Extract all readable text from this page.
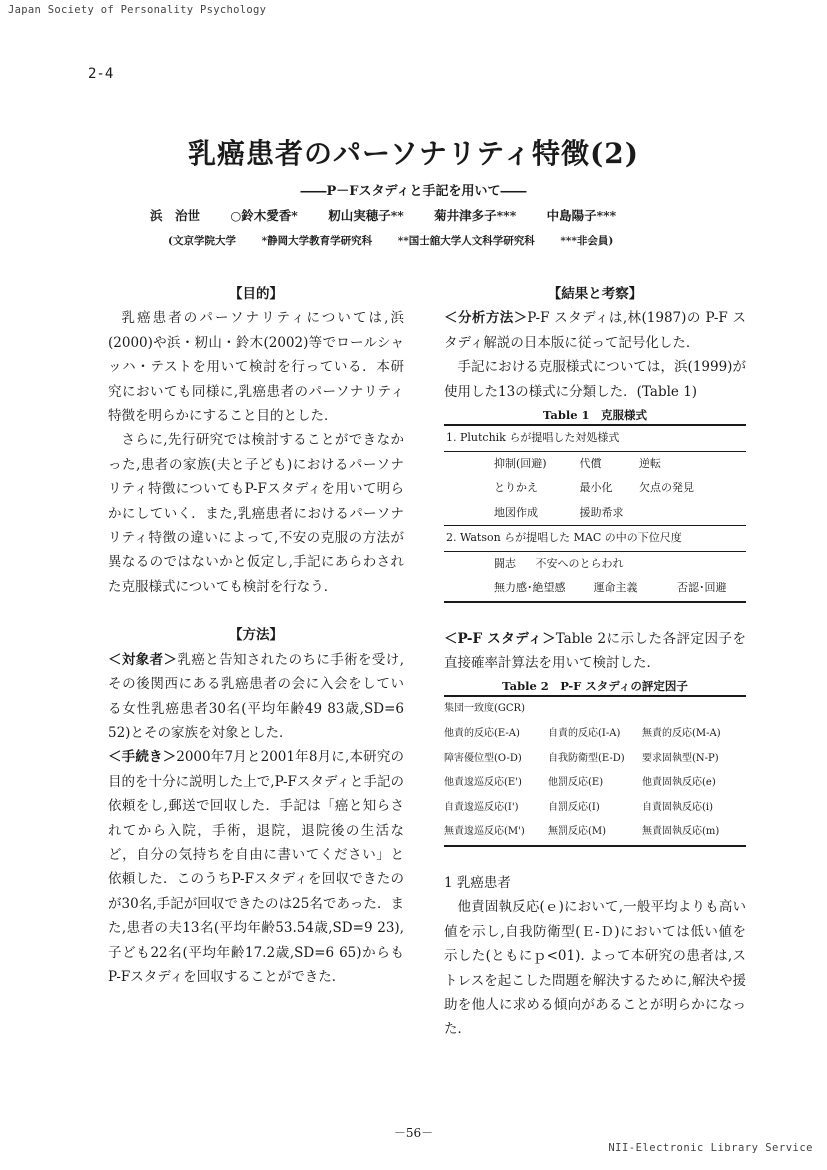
Japan Society of Personality Psychology
2-4
乳癌患者のパーソナリティ特徴(2)
――P－Fスタディと手記を用いて――
浜　治世 ○鈴木愛香* 籾山実穂子** 菊井津多子*** 中島陽子***
(文京学院大学 *静岡大学教育学研究科 **国士舘大学人文科学研究科 ***非会員)

【目的】

乳癌患者のパーソナリティについては,浜(2000)や浜・籾山・鈴木(2002)等でロールシャッハ・テストを用いて検討を行っている．本研究においても同様に,乳癌患者のパーソナリティ特徴を明らかにすること目的とした．

さらに,先行研究では検討することができなかった,患者の家族(夫と子ども)におけるパーソナリティ特徴についてもP-Fスタディを用いて明らかにしていく．また,乳癌患者におけるパーソナリティ特徴の違いによって,不安の克服の方法が異なるのではないかと仮定し,手記にあらわされた克服様式についても検討を行なう．

【方法】

＜対象者＞乳癌と告知されたのちに手術を受け,その後関西にある乳癌患者の会に入会をしている女性乳癌患者30名(平均年齢49 83歳,SD=6 52)とその家族を対象とした．

＜手続き＞2000年7月と2001年8月に,本研究の目的を十分に説明した上で,P-Fスタディと手記の依頼をし,郵送で回収した．手記は「癌と知らされてから入院，手術，退院，退院後の生活など，自分の気持ちを自由に書いてください」と依頼した．このうちP-Fスタディを回収できたのが30名,手記が回収できたのは25名であった．また,患者の夫13名(平均年齢53.54歳,SD=9 23),子ども22名(平均年齢17.2歳,SD=6 65)からもP-Fスタディを回収することができた．

【結果と考察】

＜分析方法＞P-F スタディは,林(1987)の P-F スタディ解説の日本版に従って記号化した．

手記における克服様式については，浜(1999)が使用した13の様式に分類した．(Table 1)

Table 1　克服様式
1. Plutchik らが提唱した対処様式
抑制(回避)	代償	逆転
とりかえ	最小化 欠点の発見
地図作成	援助希求
2. Watson らが提唱した MAC の中の下位尺度
闘志 不安へのとらわれ
無力感･絶望感	運命主義	否認･回避

＜P-F スタディ＞Table 2に示した各評定因子を直接確率計算法を用いて検討した．

Table 2　P-F スタディの評定因子
集団一致度(GCR)
他責的反応(E-A)	自責的反応(I-A) 無責的反応(M-A)
障害優位型(O-D)	自我防衛型(E-D) 要求固執型(N-P)
他責逡巡反応(E')	他罰反応(E)	他責固執反応(e)
自責逡巡反応(I')	自罰反応(I)	自責固執反応(i)
無責逡巡反応(M') 無罰反応(M)	無責固執反応(m)

1 乳癌患者

他責固執反応(ｅ)において,一般平均よりも高い値を示し,自我防衛型(Ｅ-Ｄ)においては低い値を示した(ともにｐ<01). よって本研究の患者は,ストレスを起こした問題を解決するために,解決や援助を他人に求める傾向があることが明らかになった．

－56－
NII-Electronic Library Service
